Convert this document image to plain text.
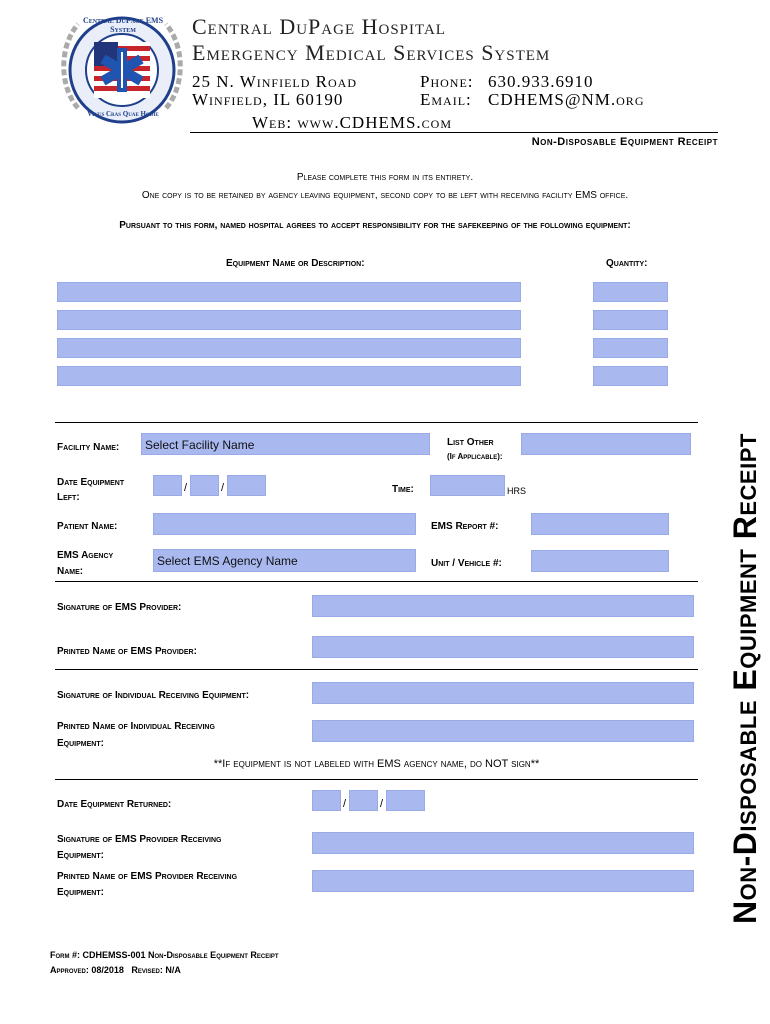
Central DuPage EMS System
Vivus Cras Quae Hodie
Central DuPage Hospital
Emergency Medical Services System
25 N. Winfield Road
Winfield, IL 60190
Phone: 630.933.6910
Email: CDHEMS@NM.org
Web: www.CDHEMS.com
Non-Disposable Equipment Receipt
Non-Disposable Equipment Receipt
Please complete this form in its entirety.
One copy is to be retained by agency leaving equipment, second copy to be left with receiving facility EMS office.
Pursuant to this form, named hospital agrees to accept responsibility for the safekeeping of the following equipment:
Equipment Name or Description:	Quantity:
Facility Name:	Select Facility Name	List Other
(If Applicable):
Date Equipment
Left:
/	/	Time:	HRS
Patient Name:	EMS Report #:
EMS Agency
Name:
Select EMS Agency Name	Unit / Vehicle #:
Signature of EMS Provider:
Printed Name of EMS Provider:
Signature of Individual Receiving Equipment:
Printed Name of Individual Receiving
Equipment:
**If equipment is not labeled with EMS agency name, do NOT sign**
Date Equipment Returned:	/	/
Signature of EMS Provider Receiving
Equipment:
Printed Name of EMS Provider Receiving
Equipment:
Form #: CDHEMSS-001 Non-Disposable Equipment Receipt
Approved: 08/2018   Revised: N/A
